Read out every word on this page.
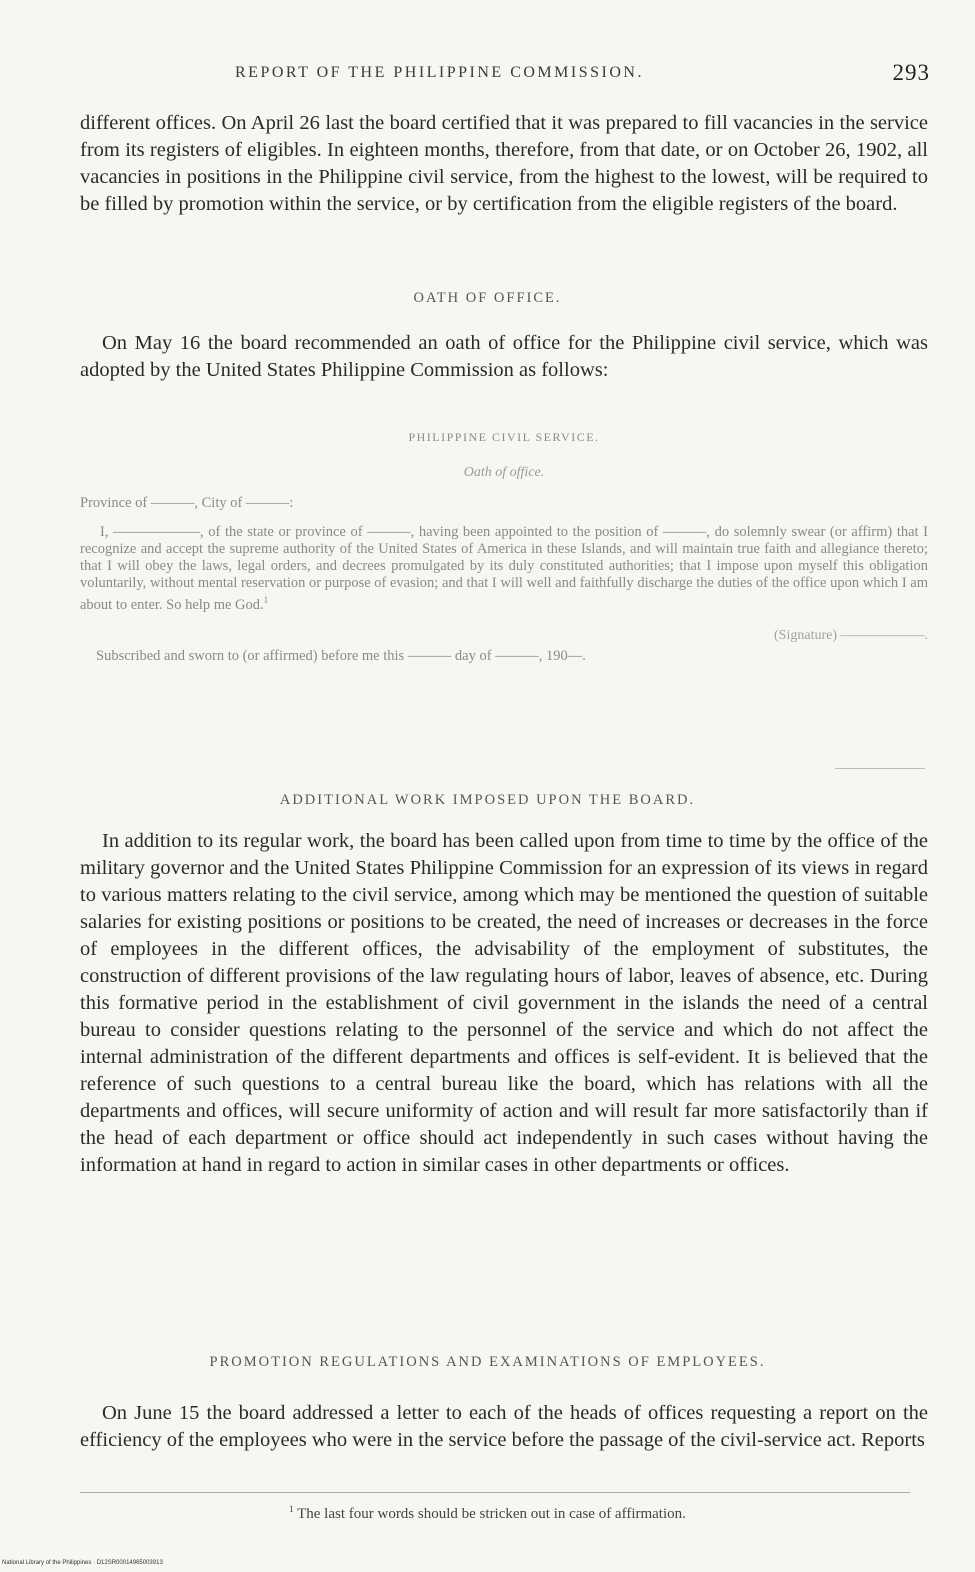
REPORT OF THE PHILIPPINE COMMISSION.	293

different offices. On April 26 last the board certified that it was prepared to fill vacancies in the service from its registers of eligibles. In eighteen months, therefore, from that date, or on October 26, 1902, all vacancies in positions in the Philippine civil service, from the highest to the lowest, will be required to be filled by promotion within the service, or by certification from the eligible registers of the board.

OATH OF OFFICE.

On May 16 the board recommended an oath of office for the Philippine civil service, which was adopted by the United States Philippine Commission as follows:

PHILIPPINE CIVIL SERVICE.
Oath of office.

Province of ———, City of ———:

I, ——————, of the state or province of ———, having been appointed to the position of ———, do solemnly swear (or affirm) that I recognize and accept the supreme authority of the United States of America in these Islands, and will maintain true faith and allegiance thereto; that I will obey the laws, legal orders, and decrees promulgated by its duly constituted authorities; that I impose upon myself this obligation voluntarily, without mental reservation or purpose of evasion; and that I will well and faithfully discharge the duties of the office upon which I am about to enter. So help me God.$^1$

(Signature) ——————.

Subscribed and sworn to (or affirmed) before me this ——— day of ———, 190—.

ADDITIONAL WORK IMPOSED UPON THE BOARD.

In addition to its regular work, the board has been called upon from time to time by the office of the military governor and the United States Philippine Commission for an expression of its views in regard to various matters relating to the civil service, among which may be mentioned the question of suitable salaries for existing positions or positions to be created, the need of increases or decreases in the force of employees in the different offices, the advisability of the employment of substitutes, the construction of different provisions of the law regulating hours of labor, leaves of absence, etc. During this formative period in the establishment of civil government in the islands the need of a central bureau to consider questions relating to the personnel of the service and which do not affect the internal administration of the different departments and offices is self-evident. It is believed that the reference of such questions to a central bureau like the board, which has relations with all the departments and offices, will secure uniformity of action and will result far more satisfactorily than if the head of each department or office should act independently in such cases without having the information at hand in regard to action in similar cases in other departments or offices.

PROMOTION REGULATIONS AND EXAMINATIONS OF EMPLOYEES.

On June 15 the board addressed a letter to each of the heads of offices requesting a report on the efficiency of the employees who were in the service before the passage of the civil-service act. Reports

$^1$ The last four words should be stricken out in case of affirmation.
National Library of the Philippines · D12SR00014965003913
